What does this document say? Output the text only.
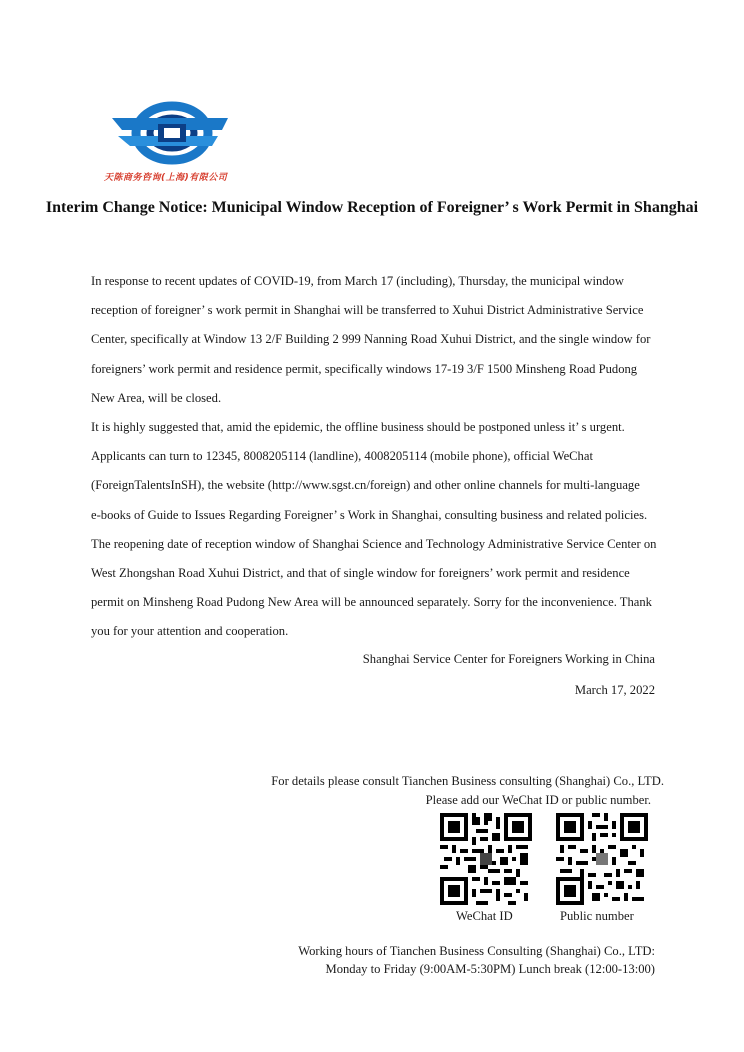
天陈商务咨询(上海)有限公司
Interim Change Notice: Municipal Window Reception of Foreigner’ s Work Permit in Shanghai
In response to recent updates of COVID-19, from March 17 (including), Thursday, the municipal window
reception of foreigner’ s work permit in Shanghai will be transferred to Xuhui District Administrative Service
Center, specifically at Window 13 2/F Building 2 999 Nanning Road Xuhui District, and the single window for
foreigners’ work permit and residence permit, specifically windows 17-19 3/F 1500 Minsheng Road Pudong
New Area, will be closed.
It is highly suggested that, amid the epidemic, the offline business should be postponed unless it’ s urgent.
Applicants can turn to 12345, 8008205114 (landline), 4008205114 (mobile phone), official WeChat
(ForeignTalentsInSH), the website (http://www.sgst.cn/foreign) and other online channels for multi-language
e-books of Guide to Issues Regarding Foreigner’ s Work in Shanghai, consulting business and related policies.
The reopening date of reception window of Shanghai Science and Technology Administrative Service Center on
West Zhongshan Road Xuhui District, and that of single window for foreigners’ work permit and residence
permit on Minsheng Road Pudong New Area will be announced separately. Sorry for the inconvenience. Thank
you for your attention and cooperation.
Shanghai Service Center for Foreigners Working in China
March 17, 2022
For details please consult Tianchen Business consulting (Shanghai) Co., LTD.
Please add our WeChat ID or public number.
WeChat ID	Public number
Working hours of Tianchen Business Consulting (Shanghai) Co., LTD:
Monday to Friday (9:00AM-5:30PM) Lunch break (12:00-13:00)
